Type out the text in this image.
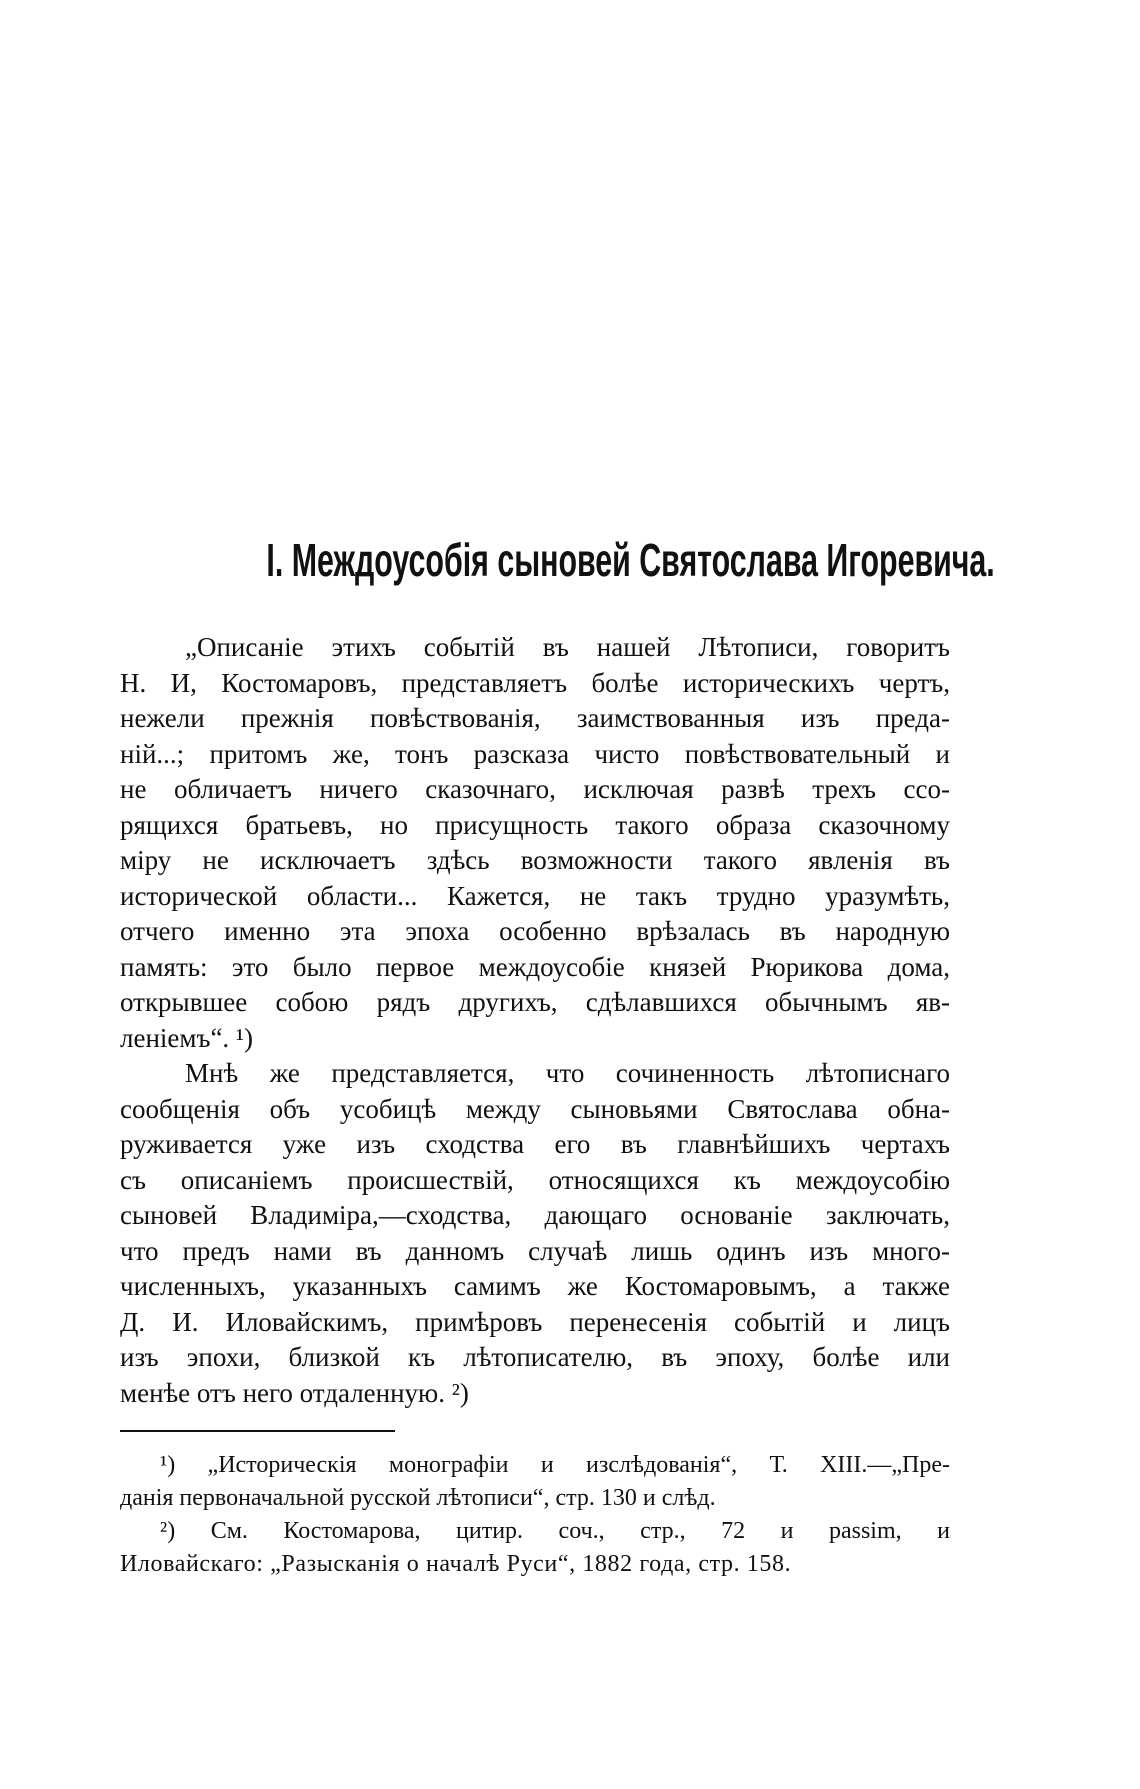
I. Междоусобія сыновей Святослава Игоревича.
„Описаніе этихъ событій въ нашей Лѣтописи, говоритъ
Н. И, Костомаровъ, представляетъ болѣе историческихъ чертъ,
нежели прежнія повѣствованія, заимствованныя изъ преда-
ній...; притомъ же, тонъ разсказа чисто повѣствовательный и
не обличаетъ ничего сказочнаго, исключая развѣ трехъ ссо-
рящихся братьевъ, но присущность такого образа сказочному
міру не исключаетъ здѣсь возможности такого явленія въ
исторической области... Кажется, не такъ трудно уразумѣть,
отчего именно эта эпоха особенно врѣзалась въ народную
память: это было первое междоусобіе князей Рюрикова дома,
открывшее собою рядъ другихъ, сдѣлавшихся обычнымъ яв-
леніемъ“. ¹)
Мнѣ же представляется, что сочиненность лѣтописнаго
сообщенія объ усобицѣ между сыновьями Святослава обна-
руживается уже изъ сходства его въ главнѣйшихъ чертахъ
съ описаніемъ происшествій, относящихся къ междоусобію
сыновей Владиміра,—сходства, дающаго основаніе заключать,
что предъ нами въ данномъ случаѣ лишь одинъ изъ много-
численныхъ, указанныхъ самимъ же Костомаровымъ, а также
Д. И. Иловайскимъ, примѣровъ перенесенія событій и лицъ
изъ эпохи, близкой къ лѣтописателю, въ эпоху, болѣе или
менѣе отъ него отдаленную. ²)
¹) „Историческія монографіи и изслѣдованія“, Т. XIII.—„Пре-
данія первоначальной русской лѣтописи“, стр. 130 и слѣд.
²) См. Костомарова, цитир. соч., стр., 72 и passim, и
Иловайскаго: „Разысканія о началѣ Руси“, 1882 года, стр. 158.
